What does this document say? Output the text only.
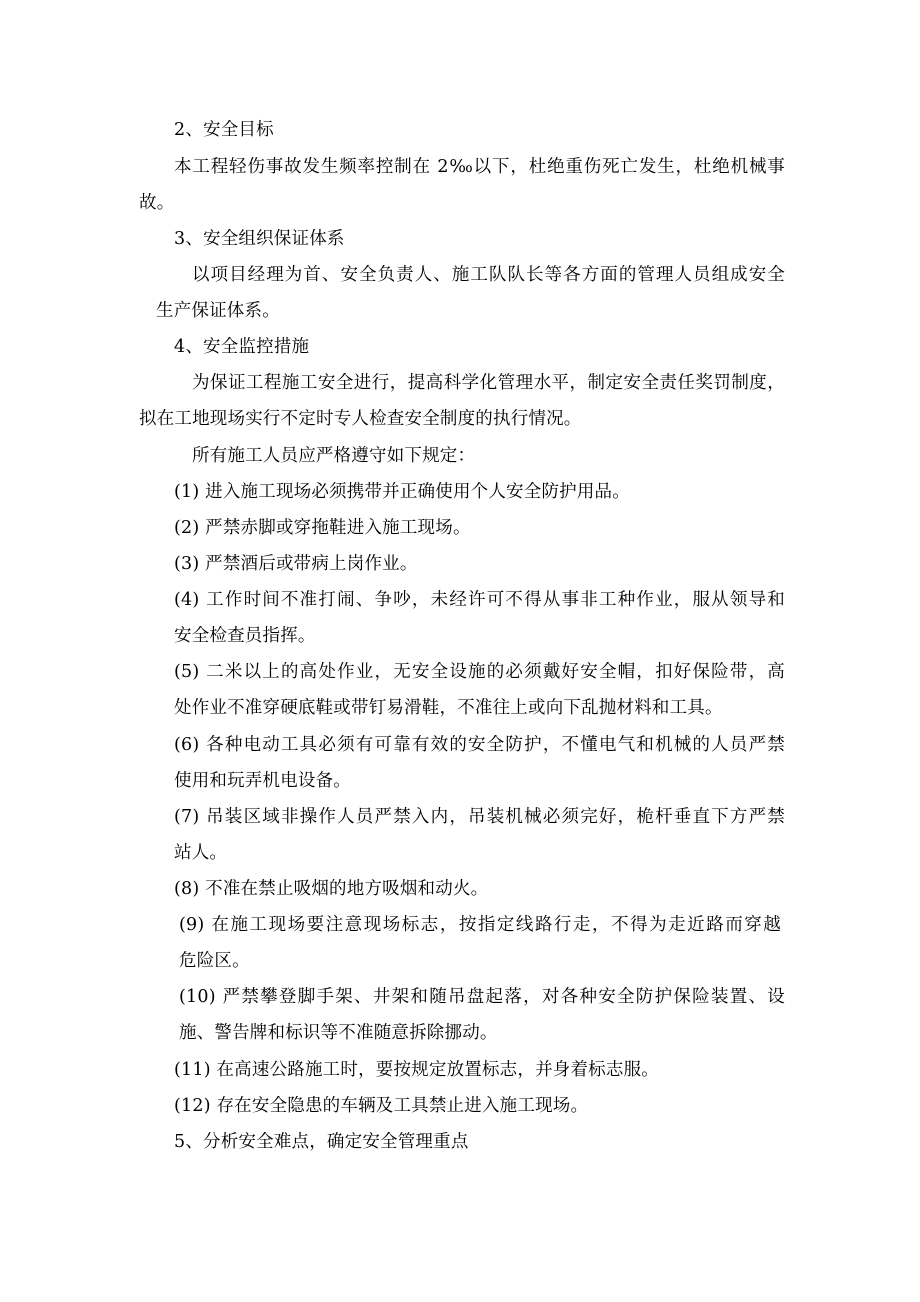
2、安全目标
本工程轻伤事故发生频率控制在 2‰以下，杜绝重伤死亡发生，杜绝机械事
故。
3、安全组织保证体系
以项目经理为首、安全负责人、施工队队长等各方面的管理人员组成安全
生产保证体系。
4、安全监控措施
为保证工程施工安全进行，提高科学化管理水平，制定安全责任奖罚制度，
拟在工地现场实行不定时专人检查安全制度的执行情况。
所有施工人员应严格遵守如下规定：
(1) 进入施工现场必须携带并正确使用个人安全防护用品。
(2) 严禁赤脚或穿拖鞋进入施工现场。
(3) 严禁酒后或带病上岗作业。
(4) 工作时间不准打闹、争吵，未经许可不得从事非工种作业，服从领导和
安全检查员指挥。
(5) 二米以上的高处作业，无安全设施的必须戴好安全帽，扣好保险带，高
处作业不准穿硬底鞋或带钉易滑鞋，不准往上或向下乱抛材料和工具。
(6) 各种电动工具必须有可靠有效的安全防护，不懂电气和机械的人员严禁
使用和玩弄机电设备。
(7) 吊装区域非操作人员严禁入内，吊装机械必须完好，桅杆垂直下方严禁
站人。
(8) 不准在禁止吸烟的地方吸烟和动火。
(9) 在施工现场要注意现场标志，按指定线路行走，不得为走近路而穿越
危险区。
(10) 严禁攀登脚手架、井架和随吊盘起落，对各种安全防护保险装置、设
施、警告牌和标识等不准随意拆除挪动。
(11) 在高速公路施工时，要按规定放置标志，并身着标志服。
(12) 存在安全隐患的车辆及工具禁止进入施工现场。
5、分析安全难点，确定安全管理重点
